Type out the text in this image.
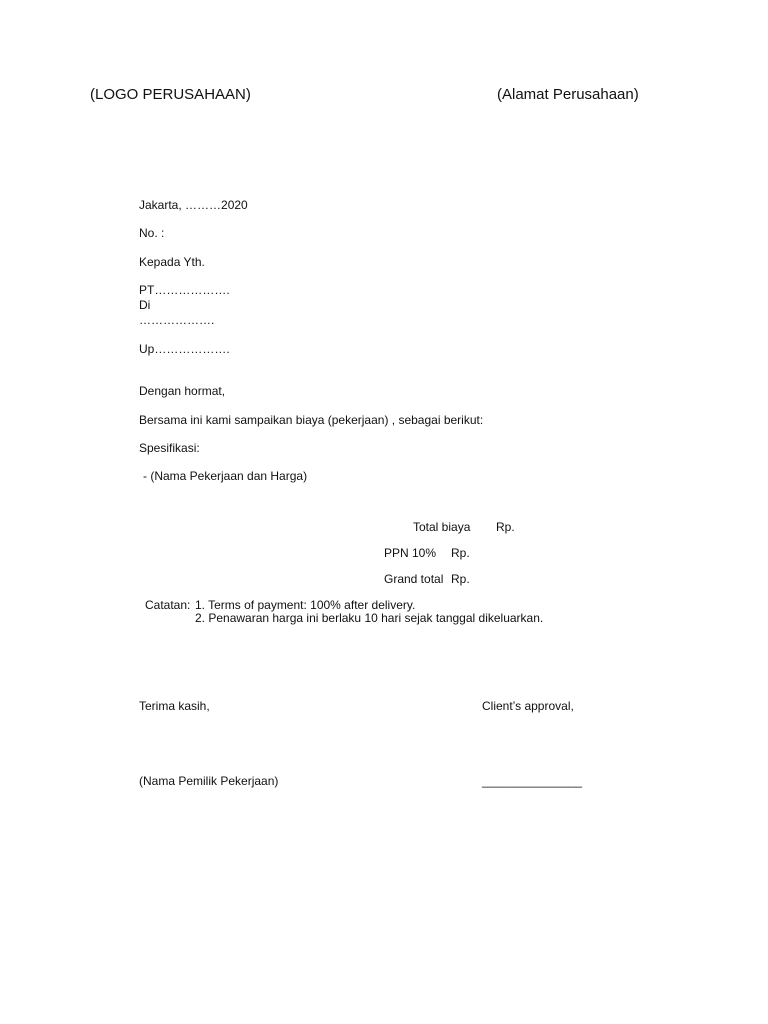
(LOGO PERUSAHAAN)	(Alamat Perusahaan)
Jakarta, ………2020
No. :
Kepada Yth.
PT……………….
Di
……………….
Up……………….
Dengan hormat,
Bersama ini kami sampaikan biaya (pekerjaan) , sebagai berikut:
Spesifikasi:
- (Nama Pekerjaan dan Harga)
Total biaya Rp.
PPN 10% Rp.
Grand total Rp.
Catatan: 1. Terms of payment: 100% after delivery.
2. Penawaran harga ini berlaku 10 hari sejak tanggal dikeluarkan.
Terima kasih,	Client’s approval,
(Nama Pemilik Pekerjaan)	_______________
